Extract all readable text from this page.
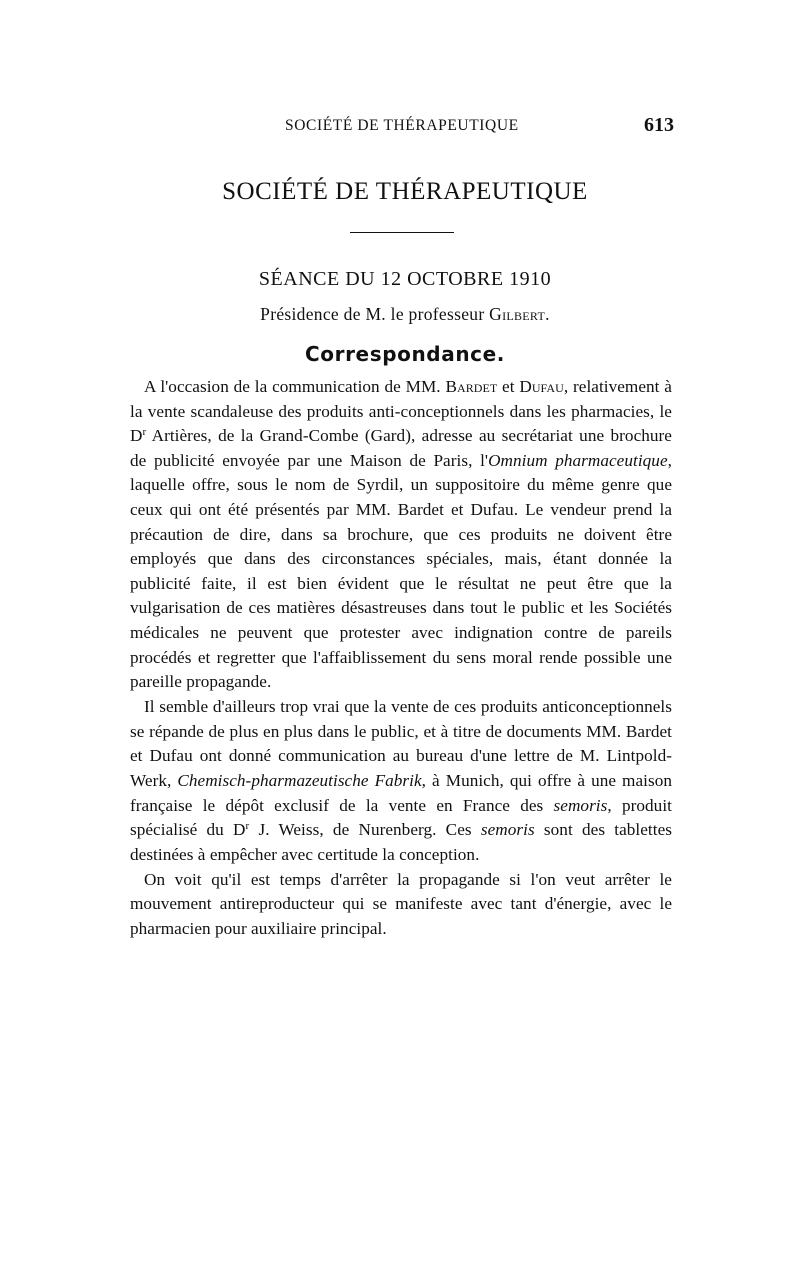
SOCIÉTÉ DE THÉRAPEUTIQUE	613
SOCIÉTÉ DE THÉRAPEUTIQUE
SÉANCE DU 12 OCTOBRE 1910
Présidence de M. le professeur Gilbert.
Correspondance.

A l'occasion de la communication de MM. Bardet et Dufau, relativement à la vente scandaleuse des produits anti-conceptionnels dans les pharmacies, le $D^r$ Artières, de la Grand-Combe (Gard), adresse au secrétariat une brochure de publicité envoyée par une Maison de Paris, l'Omnium pharmaceutique, laquelle offre, sous le nom de Syrdil, un suppositoire du même genre que ceux qui ont été présentés par MM. Bardet et Dufau. Le vendeur prend la précaution de dire, dans sa brochure, que ces produits ne doivent être employés que dans des circonstances spéciales, mais, étant donnée la publicité faite, il est bien évident que le résultat ne peut être que la vulgarisation de ces matières désastreuses dans tout le public et les Sociétés médicales ne peuvent que protester avec indignation contre de pareils procédés et regretter que l'affaiblissement du sens moral rende possible une pareille propagande.

Il semble d'ailleurs trop vrai que la vente de ces produits anticonceptionnels se répande de plus en plus dans le public, et à titre de documents MM. Bardet et Dufau ont donné communication au bureau d'une lettre de M. Lintpold-Werk, Chemisch-pharmazeutische Fabrik, à Munich, qui offre à une maison française le dépôt exclusif de la vente en France des semoris, produit spécialisé du $D^r$ J. Weiss, de Nurenberg. Ces semoris sont des tablettes destinées à empêcher avec certitude la conception.

On voit qu'il est temps d'arrêter la propagande si l'on veut arrêter le mouvement antireproducteur qui se manifeste avec tant d'énergie, avec le pharmacien pour auxiliaire principal.
